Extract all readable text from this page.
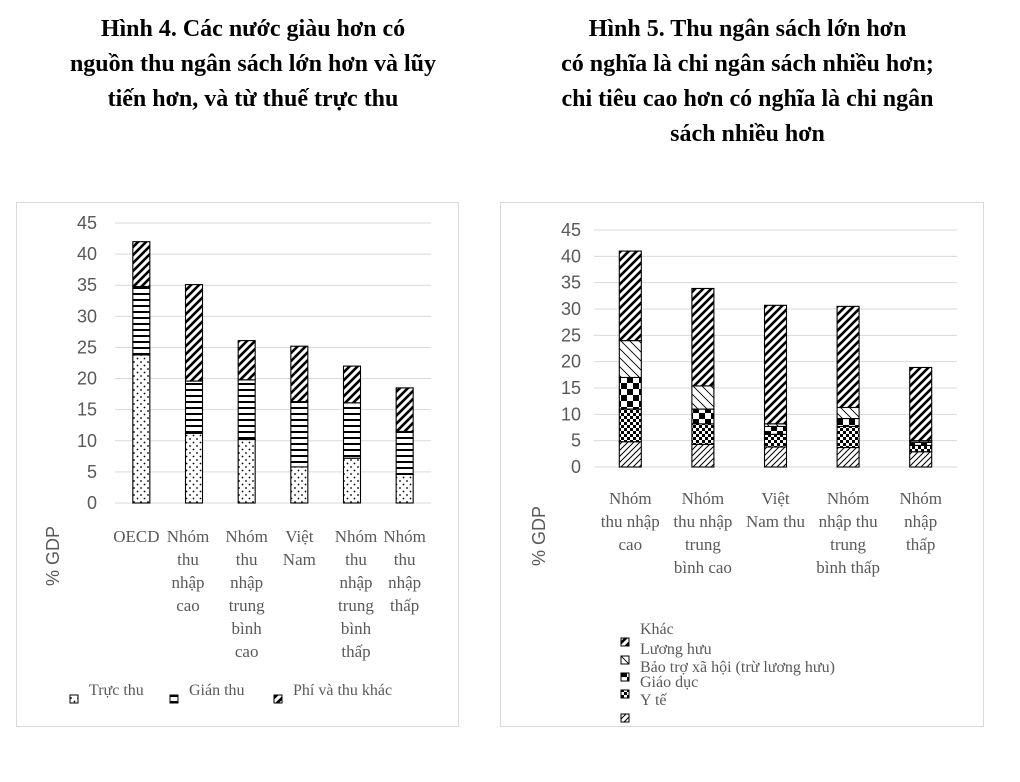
Hình 4. Các nước giàu hơn có
nguồn thu ngân sách lớn hơn và lũy
tiến hơn, và từ thuế trực thu
Hình 5. Thu ngân sách lớn hơn
có nghĩa là chi ngân sách nhiều hơn;
chi tiêu cao hơn có nghĩa là chi ngân
sách nhiều hơn
0
5
10
15
20
25
30
35
40
45
OECD Nhóm thu nhập cao
Nhóm thu nhập trung bình cao
Việt Nam
Nhóm thu nhập trung bình thấp
Nhóm thu nhập thấp
% GDP
Trực thu	Gián thu	Phí và thu khác
0
5
10
15
20
25
30
35
40
45
Nhóm thu nhập cao
Nhóm thu nhập trung bình cao
Việt Nam thu
Nhóm nhập thu trung bình thấp
Nhóm nhập thấp
% GDP
Giáo dục
Y tế
Bảo trợ xã hội (trừ lương hưu)
Lương hưu
Khác
